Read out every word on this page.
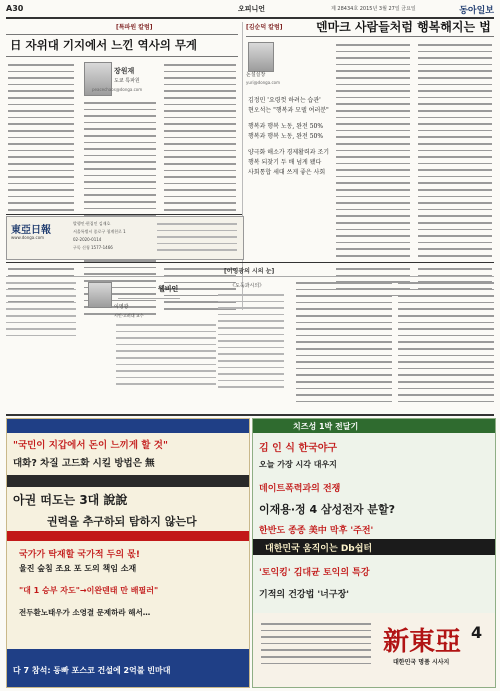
A30	오피니언	제 28434호 2015년 3월 27일 금요일	동아일보
[특파원 칼럼]
日 자위대 기지에서 느낀 역사의 무게
장원재
도쿄 특파원
peacechaos@donga.com
[김순덕 칼럼]	덴마크 사람들처럼 행복해지는 법
논설실장
yuri@donga.com
김정민 '요령껏 하려는 습관'
현오석는 "행복과 모델 여러분"
행복과 행복 노동, 완전 50%
행복과 행복 노동, 완전 50%
양극화 해소가 경제활력과 조기
행복 되찾기 두 배 넘게 됐다
사회통합 세대 쓰게 좋은 사회
東亞日報
www.donga.com
발행인·편집인 김재호
서울특별시 종로구 청계천로 1
02-2020-0114
구독 신청 1577-1466
[이영광의 시의 눈]
웰비인
이영광
시인·고려대 교수
《도둑과시의》
"국민이 지갑에서 돈이 느끼게 할 것"
대화? 차질 고드화 시킬 방법은 無
아권 떠도는 3대 說說
권력을 추구하되 탐하지 않는다
국가가 탁재할 국가적 두의 몫!
울진 숲침 조요 포 도의 책임 소재
"대 1 승부 자도"→이완덴태 만 배필러"
전두환노태우가 소영결 문제하라 해서…
다 7 참석: 동빠 포스코 건설에 2억불 빈마대
치즈성 1박 전달기
김 인 식 한국야구
오늘 가장 시각 대우지
데이트폭력과의 전쟁
이재용·정 4 삼성전자 분할?
한반도 종종 美中 막후 '주전'
대한민국 움직이는 Db쉽터
'토익킹' 김대균 토익의 특강
기적의 건강법 '너구장'
新東亞 4
대한민국 명품 시사지
